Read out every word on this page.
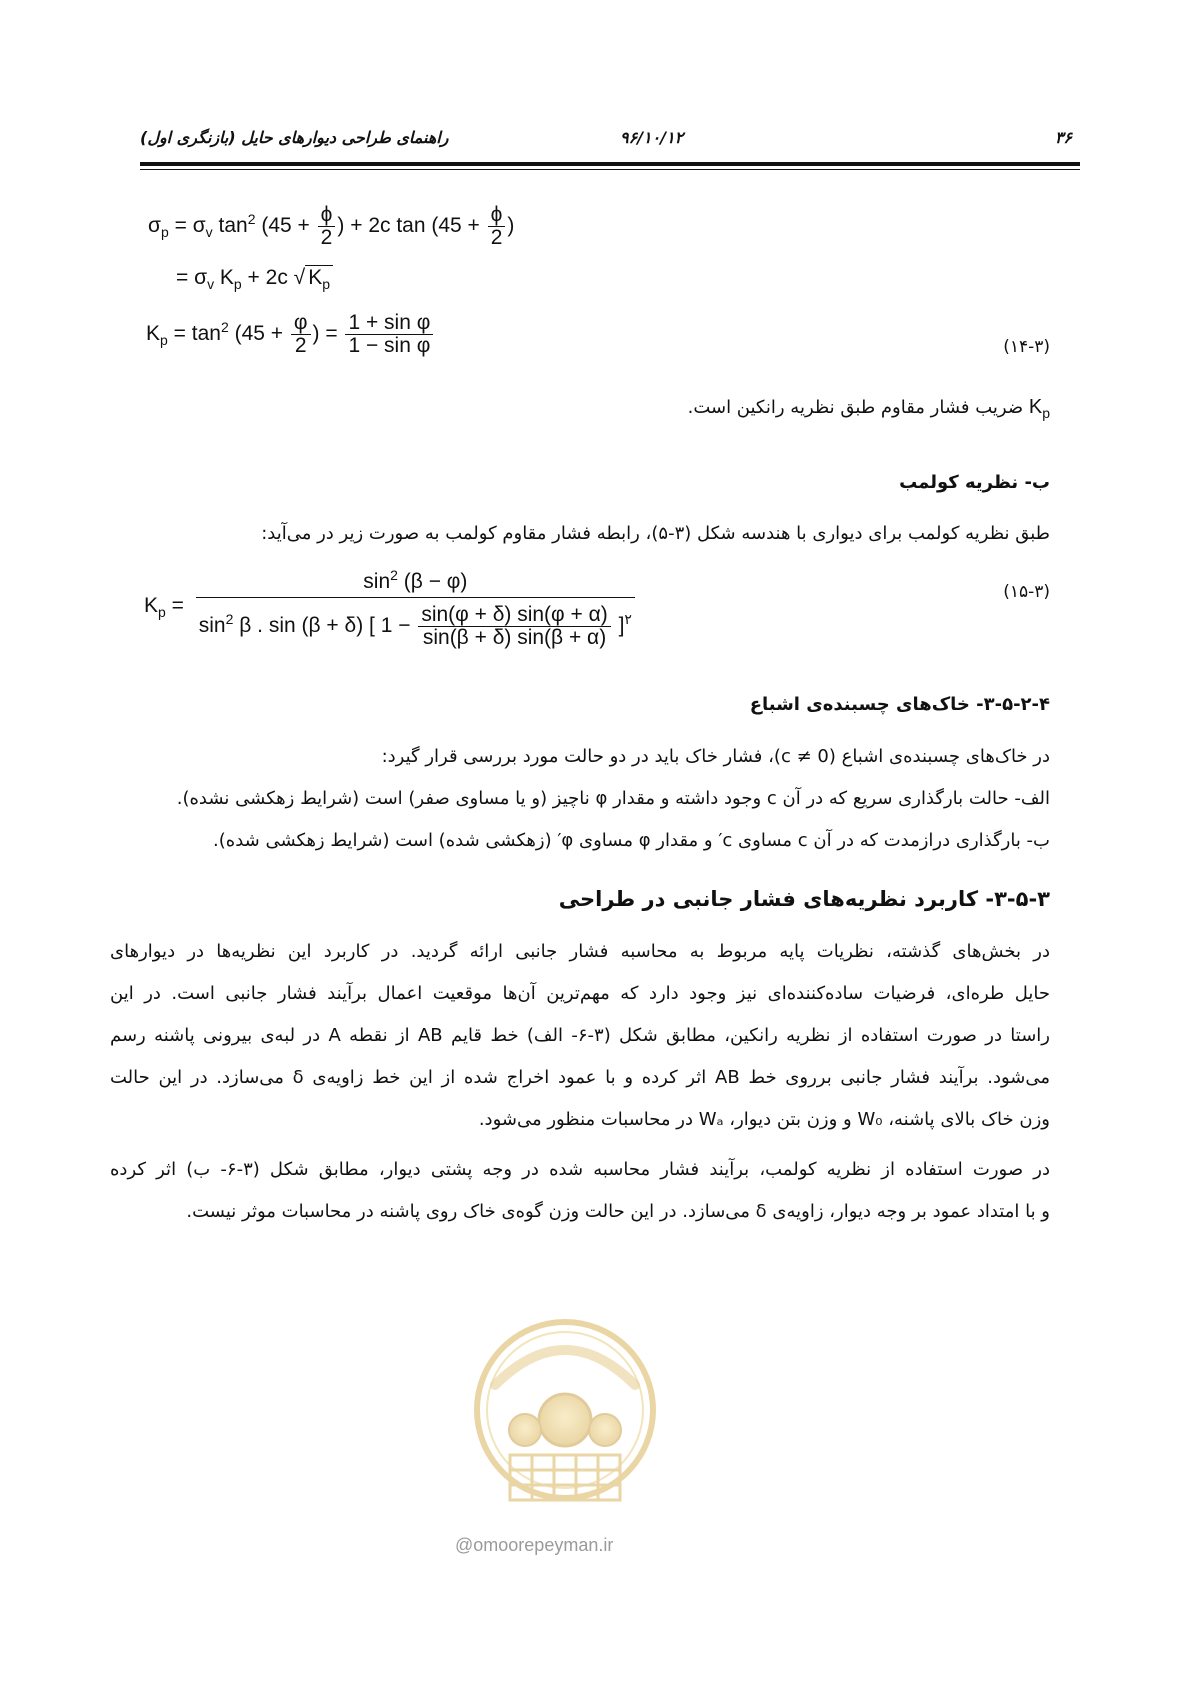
راهنمای طراحی دیوارهای حایل (بازنگری اول)	۹۶/۱۰/۱۲	۳۶
$\sigma_p = \sigma_v$ $\tan^2 (45 + \frac{\phi}{2}$ ) + 2c $\tan (45 + \frac{\phi}{2}$ )
= $\sigma_v$ $K_p + 2c$ √ $K_p$
$K_p = \tan^2 (45 + \frac{\varphi}{2}$ ) = $\frac{\text{1 + sin φ}}{\text{1 − sin φ}}$	(۱۴-۳)
$K_p$ ضریب فشار مقاوم طبق نظریه رانکین است.
ب- نظریه کولمب
طبق نظریه کولمب برای دیواری با هندسه شکل (۳-۵)، رابطه فشار مقاوم کولمب به صورت زیر در می‌آید:
$K_p$ =
$\sin^2 (\beta - \varphi)$
$\sin^2 \beta$ . sin (β + δ) [ $1 - \frac{\sin(\varphi + \delta) \sin(\varphi + \alpha)}{\sin(\beta + \delta) \sin(\beta + \alpha)} ]^۲$
(۱۵-۳)
۳-۵-۲-۴- خاک‌های چسبنده‌ی اشباع
در خاک‌های چسبنده‌ی اشباع (c ≠ 0)، فشار خاک باید در دو حالت مورد بررسی قرار گیرد:
الف- حالت بارگذاری سریع که در آن c وجود داشته و مقدار φ ناچیز (و یا مساوی صفر) است (شرایط زهکشی نشده).
ب- بارگذاری درازمدت که در آن c مساوی c′ و مقدار φ مساوی φ′ (زهکشی شده) است (شرایط زهکشی شده).
۳-۵-۳- کاربرد نظریه‌های فشار جانبی در طراحی
در بخش‌های گذشته، نظریات پایه مربوط به محاسبه فشار جانبی ارائه گردید. در کاربرد این نظریه‌ها در دیوارهای
حایل طره‌ای، فرضیات ساده‌کننده‌ای نیز وجود دارد که مهم‌ترین آن‌ها موقعیت اعمال برآیند فشار جانبی است. در این
راستا در صورت استفاده از نظریه رانکین، مطابق شکل (۳-۶- الف) خط قایم AB از نقطه A در لبه‌ی بیرونی پاشنه رسم
می‌شود. برآیند فشار جانبی برروی خط AB اثر کرده و با عمود اخراج شده از این خط زاویه‌ی δ می‌سازد. در این حالت
وزن خاک بالای پاشنه، W₀ و وزن بتن دیوار، Wₐ در محاسبات منظور می‌شود.
در صورت استفاده از نظریه کولمب، برآیند فشار محاسبه شده در وجه پشتی دیوار، مطابق شکل (۳-۶- ب) اثر کرده
و با امتداد عمود بر وجه دیوار، زاویه‌ی δ می‌سازد. در این حالت وزن گوه‌ی خاک روی پاشنه در محاسبات موثر نیست.
@omoorepeyman.ir
